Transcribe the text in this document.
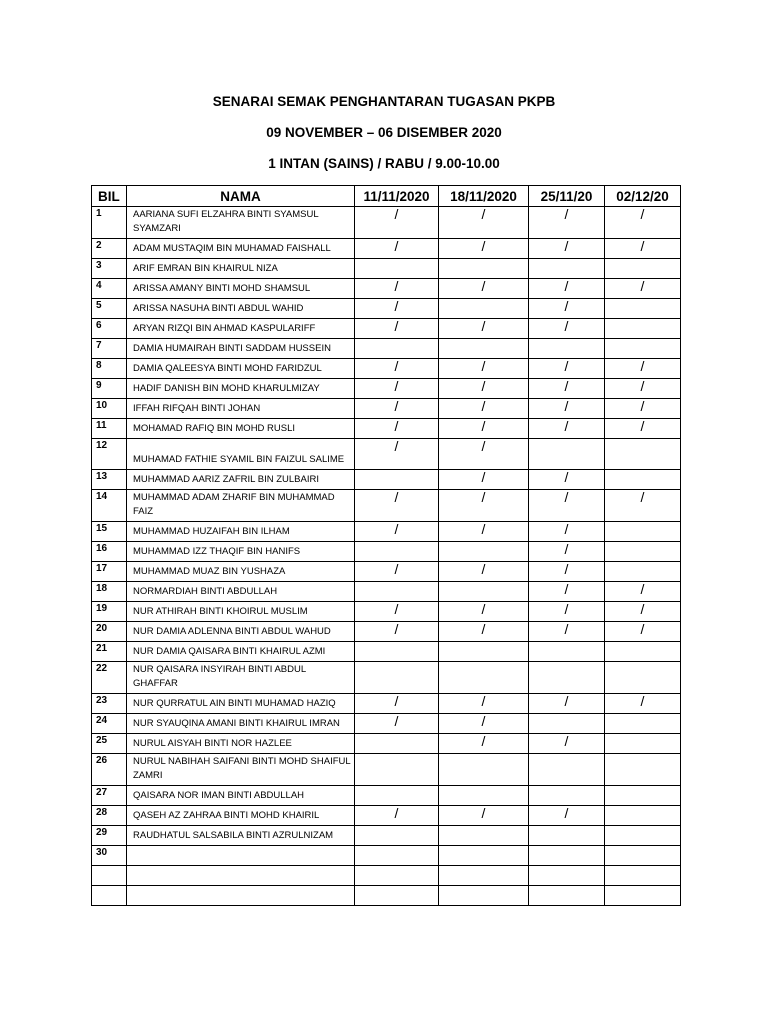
SENARAI SEMAK PENGHANTARAN TUGASAN PKPB
09 NOVEMBER – 06 DISEMBER 2020
1 INTAN (SAINS) / RABU / 9.00-10.00
BIL	NAMA	11/11/2020	18/11/2020	25/11/20	02/12/20
1	AARIANA SUFI ELZAHRA BINTI SYAMSUL SYAMZARI	/	/	/	/
2	ADAM MUSTAQIM BIN MUHAMAD FAISHALL	/	/	/	/
3	ARIF EMRAN BIN KHAIRUL NIZA				
4	ARISSA AMANY BINTI MOHD SHAMSUL	/	/	/	/
5	ARISSA NASUHA BINTI ABDUL WAHID	/		/	
6	ARYAN RIZQI BIN AHMAD KASPULARIFF	/	/	/	
7	DAMIA HUMAIRAH BINTI SADDAM HUSSEIN				
8	DAMIA QALEESYA BINTI MOHD FARIDZUL	/	/	/	/
9	HADIF DANISH BIN MOHD KHARULMIZAY	/	/	/	/
10	IFFAH RIFQAH BINTI JOHAN	/	/	/	/
11	MOHAMAD RAFIQ BIN MOHD RUSLI	/	/	/	/
12	MUHAMAD FATHIE SYAMIL BIN FAIZUL SALIME	/	/		
13	MUHAMMAD AARIZ ZAFRIL BIN ZULBAIRI		/	/	
14	MUHAMMAD ADAM ZHARIF BIN MUHAMMAD FAIZ	/	/	/	/
15	MUHAMMAD HUZAIFAH BIN ILHAM	/	/	/	
16	MUHAMMAD IZZ THAQIF BIN HANIFS			/	
17	MUHAMMAD MUAZ BIN YUSHAZA	/	/	/	
18	NORMARDIAH BINTI ABDULLAH			/	/
19	NUR ATHIRAH BINTI KHOIRUL MUSLIM	/	/	/	/
20	NUR DAMIA ADLENNA BINTI ABDUL WAHUD	/	/	/	/
21	NUR DAMIA QAISARA BINTI KHAIRUL AZMI				
22	NUR QAISARA INSYIRAH BINTI ABDUL GHAFFAR				
23	NUR QURRATUL AIN BINTI MUHAMAD HAZIQ	/	/	/	/
24	NUR SYAUQINA AMANI BINTI KHAIRUL IMRAN	/	/		
25	NURUL AISYAH BINTI NOR HAZLEE		/	/	
26	NURUL NABIHAH SAIFANI BINTI MOHD SHAIFUL ZAMRI				
27	QAISARA NOR IMAN BINTI ABDULLAH				
28	QASEH AZ ZAHRAA BINTI MOHD KHAIRIL	/	/	/	
29	RAUDHATUL SALSABILA BINTI AZRULNIZAM				
30					
